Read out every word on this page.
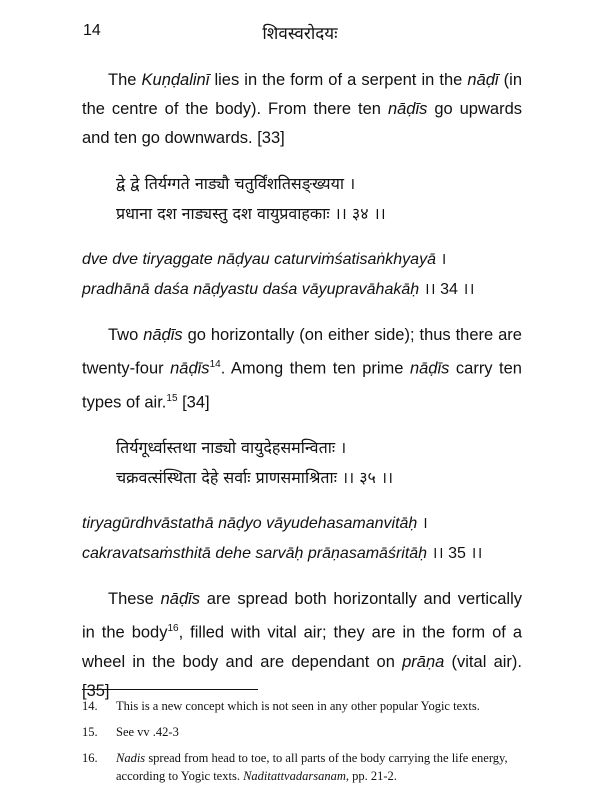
14	शिवस्वरोदयः

The Kuṇḍalinī lies in the form of a serpent in the nāḍī (in the centre of the body). From there ten nāḍīs go upwards and ten go downwards. [33]

द्वे द्वे तिर्यग्गते नाड्यौ चतुर्विंशतिसङ्ख्यया ।
प्रधाना दश नाड्यस्तु दश वायुप्रवाहकाः ।। ३४ ।।
dve dve tiryaggate nāḍyau caturviṁśatisaṅkhyayā ।
pradhānā daśa nāḍyastu daśa vāyupravāhakāḥ ।। 34 ।।

Two nāḍīs go horizontally (on either side); thus there are twenty-four nāḍīs$^{14}$. Among them ten prime nāḍīs carry ten types of air.$^{15}$ [34]

तिर्यगूर्ध्वास्तथा नाड्यो वायुदेहसमन्विताः ।
चक्रवत्संस्थिता देहे सर्वाः प्राणसमाश्रिताः ।। ३५ ।।
tiryagūrdhvāstathā nāḍyo vāyudehasamanvitāḥ ।
cakravatsaṁsthitā dehe sarvāḥ prāṇasamāśritāḥ ।। 35 ।।

These nāḍīs are spread both horizontally and vertically in the body$^{16}$, filled with vital air; they are in the form of a wheel in the body and are dependant on prāṇa (vital air). [35]

14.	This is a new concept which is not seen in any other popular Yogic texts.
15.	See vv .42-3
16.	Nadis spread from head to toe, to all parts of the body carrying the life energy, according to Yogic texts. Naditattvadarsanam, pp. 21-2.
